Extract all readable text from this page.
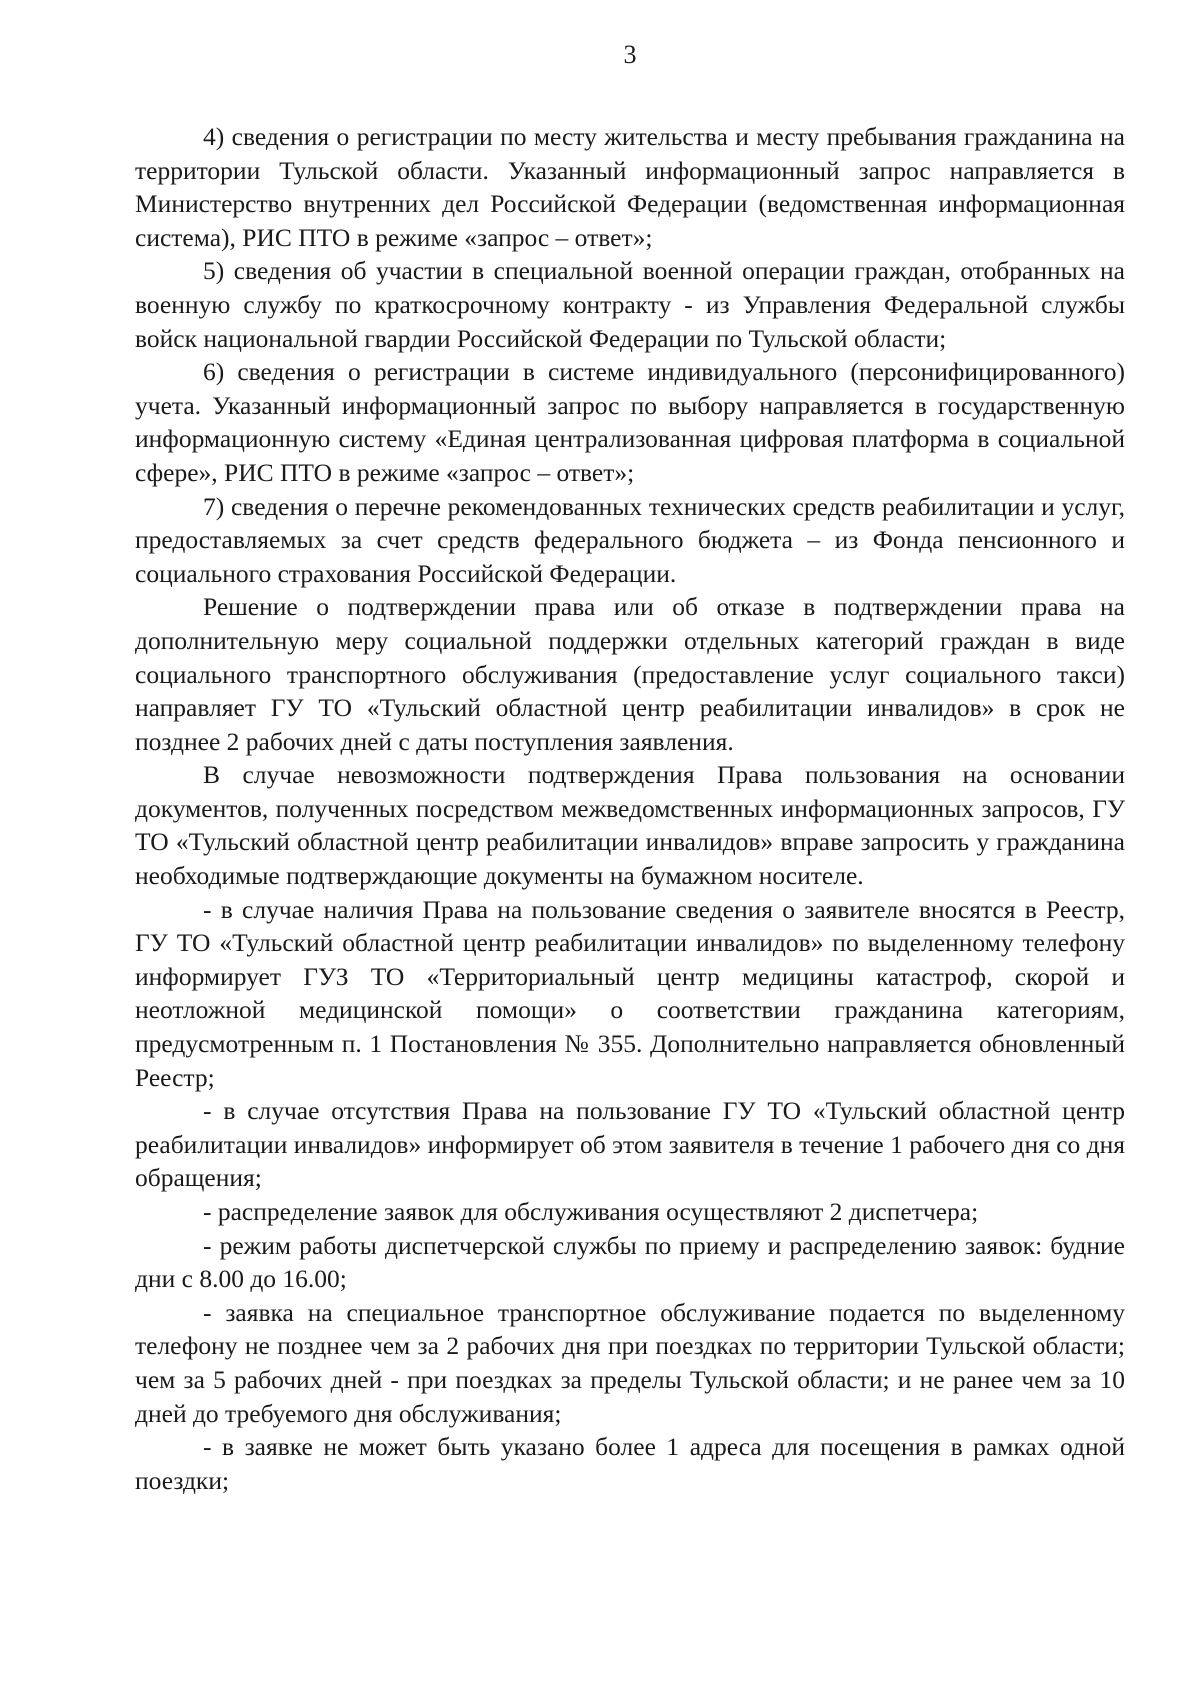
3

4) сведения о регистрации по месту жительства и месту пребывания гражданина на территории Тульской области. Указанный информационный запрос направляется в Министерство внутренних дел Российской Федерации (ведомственная информационная система), РИС ПТО в режиме «запрос – ответ»;

5) сведения об участии в специальной военной операции граждан, отобранных на военную службу по краткосрочному контракту - из Управления Федеральной службы войск национальной гвардии Российской Федерации по Тульской области;

6) сведения о регистрации в системе индивидуального (персонифицированного) учета. Указанный информационный запрос по выбору направляется в государственную информационную систему «Единая централизованная цифровая платформа в социальной сфере», РИС ПТО в режиме «запрос – ответ»;

7) сведения о перечне рекомендованных технических средств реабилитации и услуг, предоставляемых за счет средств федерального бюджета – из Фонда пенсионного и социального страхования Российской Федерации.

Решение о подтверждении права или об отказе в подтверждении права на дополнительную меру социальной поддержки отдельных категорий граждан в виде социального транспортного обслуживания (предоставление услуг социального такси) направляет ГУ ТО «Тульский областной центр реабилитации инвалидов» в срок не позднее 2 рабочих дней с даты поступления заявления.

В случае невозможности подтверждения Права пользования на основании документов, полученных посредством межведомственных информационных запросов, ГУ ТО «Тульский областной центр реабилитации инвалидов» вправе запросить у гражданина необходимые подтверждающие документы на бумажном носителе.

- в случае наличия Права на пользование сведения о заявителе вносятся в Реестр, ГУ ТО «Тульский областной центр реабилитации инвалидов» по выделенному телефону информирует ГУЗ ТО «Территориальный центр медицины катастроф, скорой и неотложной медицинской помощи» о соответствии гражданина категориям, предусмотренным п. 1 Постановления № 355. Дополнительно направляется обновленный Реестр;

- в случае отсутствия Права на пользование ГУ ТО «Тульский областной центр реабилитации инвалидов» информирует об этом заявителя в течение 1 рабочего дня со дня обращения;

- распределение заявок для обслуживания осуществляют 2 диспетчера;

- режим работы диспетчерской службы по приему и распределению заявок: будние дни с 8.00 до 16.00;

- заявка на специальное транспортное обслуживание подается по выделенному телефону не позднее чем за 2 рабочих дня при поездках по территории Тульской области; чем за 5 рабочих дней - при поездках за пределы Тульской области; и не ранее чем за 10 дней до требуемого дня обслуживания;

- в заявке не может быть указано более 1 адреса для посещения в рамках одной поездки;
